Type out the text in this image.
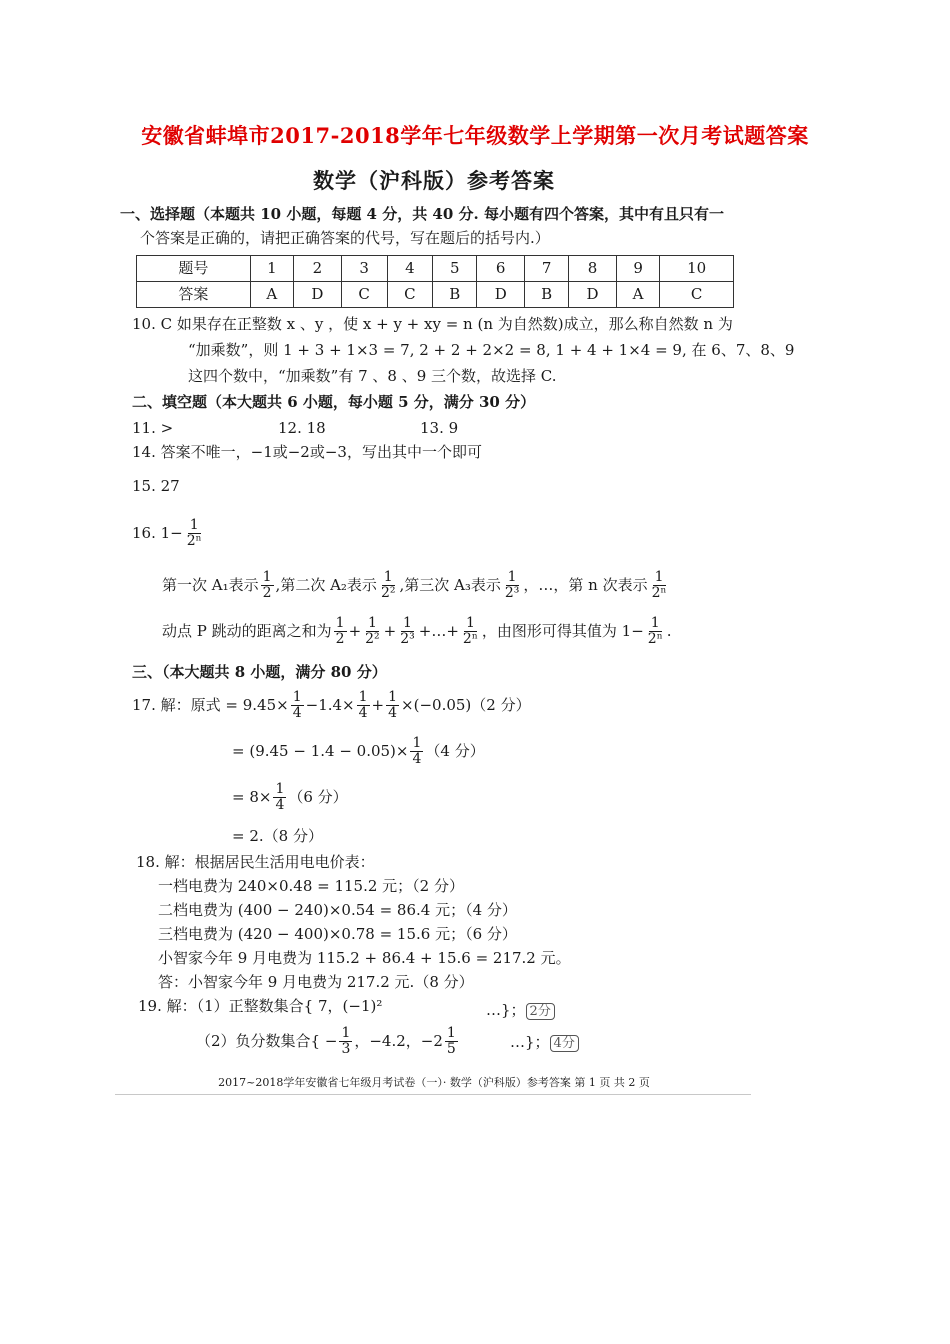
安徽省蚌埠市2017-2018学年七年级数学上学期第一次月考试题答案
数学（沪科版）参考答案
一、选择题（本题共 10 小题，每题 4 分，共 40 分. 每小题有四个答案，其中有且只有一
个答案是正确的，请把正确答案的代号，写在题后的括号内.）
题号	1	2	3	4	5	6	7	8	9	10
答案	A	D	C	C	B	D	B	D	A	C
10. C 如果存在正整数 x 、y ，使 x + y + xy = n (n 为自然数)成立，那么称自然数 n 为
“加乘数”，则 1 + 3 + 1×3 = 7, 2 + 2 + 2×2 = 8, 1 + 4 + 1×4 = 9, 在 6、7、8、9
这四个数中，“加乘数”有 7 、8 、9 三个数，故选择 C.
二、填空题（本大题共 6 小题，每小题 5 分，满分 30 分）
11. >	12. 18	13. 9
14. 答案不唯一，−1或−2或−3，写出其中一个即可
15. 27
16. $1- \frac{1}{\text{2ⁿ}}$
第一次 A₁表示 $\frac{1}{2}$ ,第二次 A₂表示 $\frac{1}{\text{2²}}$ ,第三次 A₃表示 $\frac{1}{\text{2³}}$ ，…，第 n 次表示 $\frac{1}{\text{2ⁿ}}$
动点 P 跳动的距离之和为 $\frac{1}{2} + \frac{1}{\text{2²}} + \frac{1}{\text{2³}}$ +…+ $\frac{1}{\text{2ⁿ}}$ ，由图形可得其值为 $1- \frac{1}{\text{2ⁿ}}$ .
三、（本大题共 8 小题，满分 80 分）
17. 解：原式 = $9.45\times \frac{1}{4} -1.4\times \frac{1}{4} + \frac{1}{4} \times(-0.05)(2$ 分）
= $(9.45 - 1.4 - 0.05)\times \frac{1}{4} (4$ 分）
= $8\times \frac{1}{4} (6$ 分）
= 2.（8 分）
18. 解：根据居民生活用电电价表：
一档电费为 240×0.48 = 115.2 元；（2 分）
二档电费为 (400 − 240)×0.54 = 86.4 元；（4 分）
三档电费为 (420 − 400)×0.78 = 15.6 元；（6 分）
小智家今年 9 月电费为 115.2 + 86.4 + 15.6 = 217.2 元。
答：小智家今年 9 月电费为 217.2 元.（8 分）
19. 解：（1）正整数集合{ 7，(−1)²	…}； 2分
（2）负分数集合{ − $\frac{1}{3}$ ，−4.2，$-2 \frac{1}{5}$	…}； 4分
2017~2018学年安徽省七年级月考试卷（一）· 数学（沪科版）参考答案 第 1 页 共 2 页
